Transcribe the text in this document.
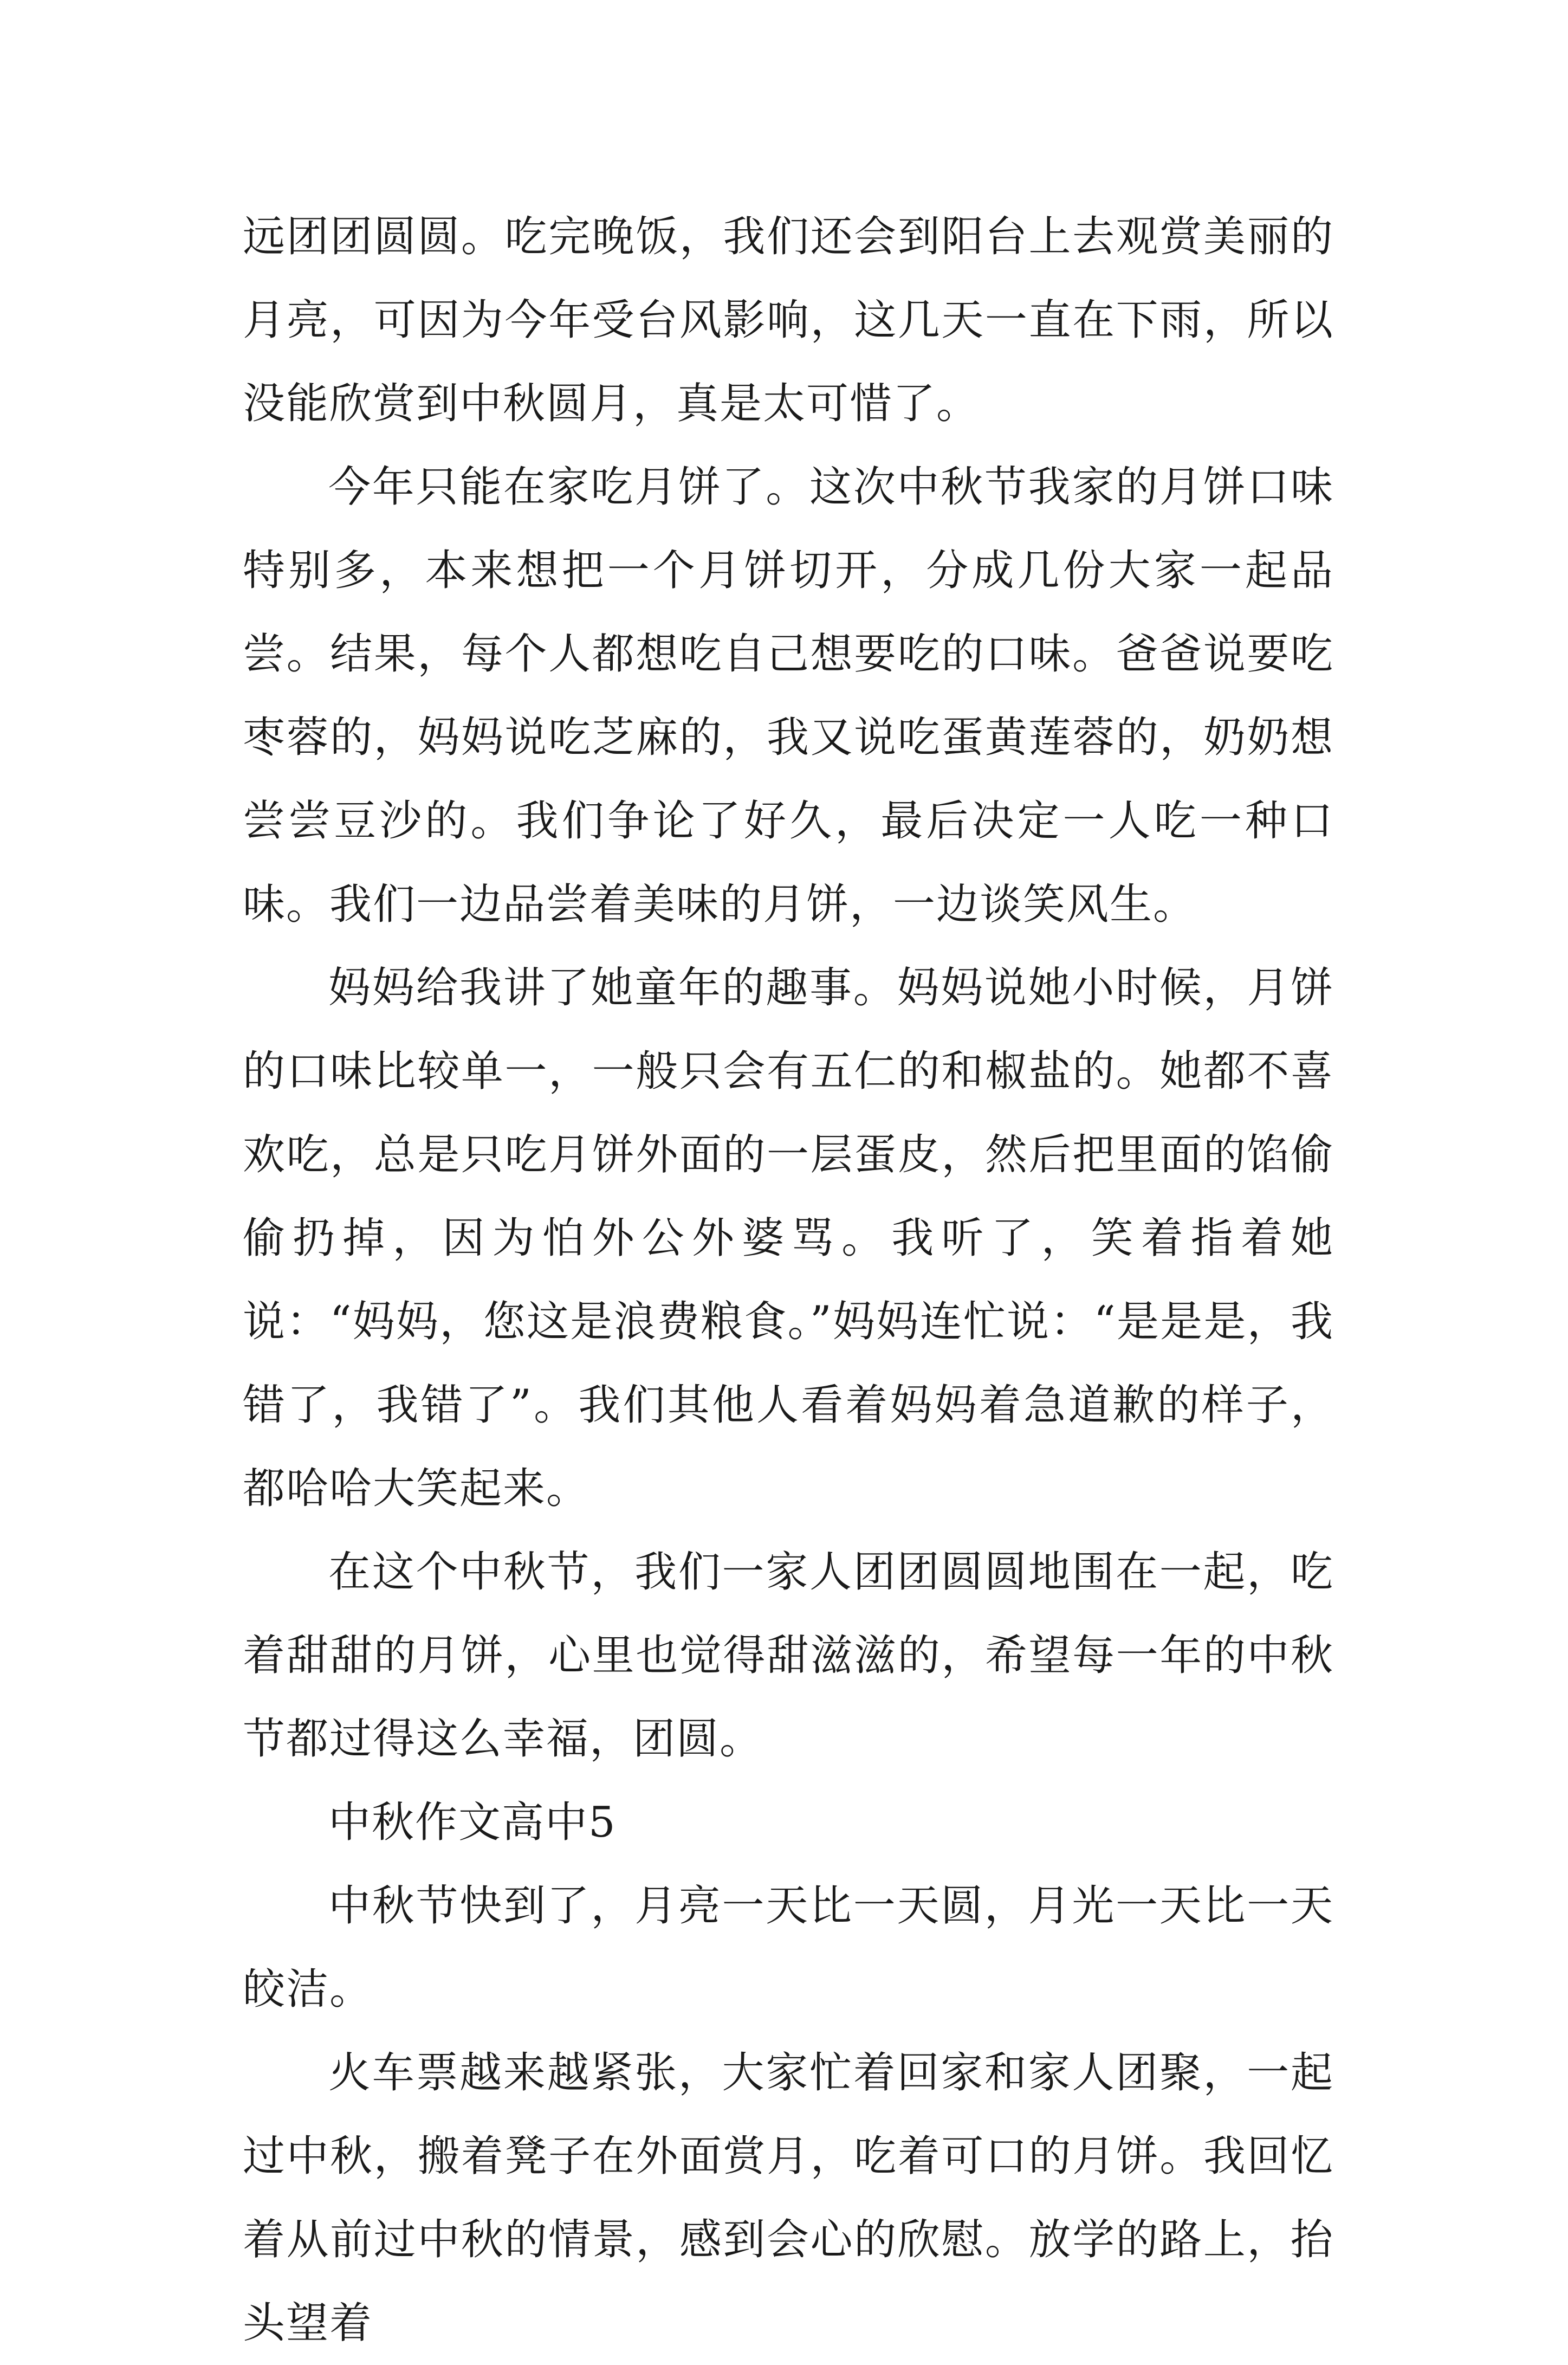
远团团圆圆。吃完晚饭，我们还会到阳台上去观赏美丽的月亮，可因为今年受台风影响，这几天一直在下雨，所以没能欣赏到中秋圆月，真是太可惜了。

今年只能在家吃月饼了。这次中秋节我家的月饼口味特别多，本来想把一个月饼切开，分成几份大家一起品尝。结果，每个人都想吃自己想要吃的口味。爸爸说要吃枣蓉的，妈妈说吃芝麻的，我又说吃蛋黄莲蓉的，奶奶想尝尝豆沙的。我们争论了好久，最后决定一人吃一种口味。我们一边品尝着美味的月饼，一边谈笑风生。

妈妈给我讲了她童年的趣事。妈妈说她小时候，月饼的口味比较单一，一般只会有五仁的和椒盐的。她都不喜欢吃，总是只吃月饼外面的一层蛋皮，然后把里面的馅偷偷扔掉，因为怕外公外婆骂。我听了，笑着指着她说：“妈妈，您这是浪费粮食。”妈妈连忙说：“是是是，我错了，我错了”。我们其他人看着妈妈着急道歉的样子，都哈哈大笑起来。

在这个中秋节，我们一家人团团圆圆地围在一起，吃着甜甜的月饼，心里也觉得甜滋滋的，希望每一年的中秋节都过得这么幸福，团圆。

中秋作文高中5

中秋节快到了，月亮一天比一天圆，月光一天比一天皎洁。

火车票越来越紧张，大家忙着回家和家人团聚，一起过中秋，搬着凳子在外面赏月，吃着可口的月饼。我回忆着从前过中秋的情景，感到会心的欣慰。放学的路上，抬头望着
